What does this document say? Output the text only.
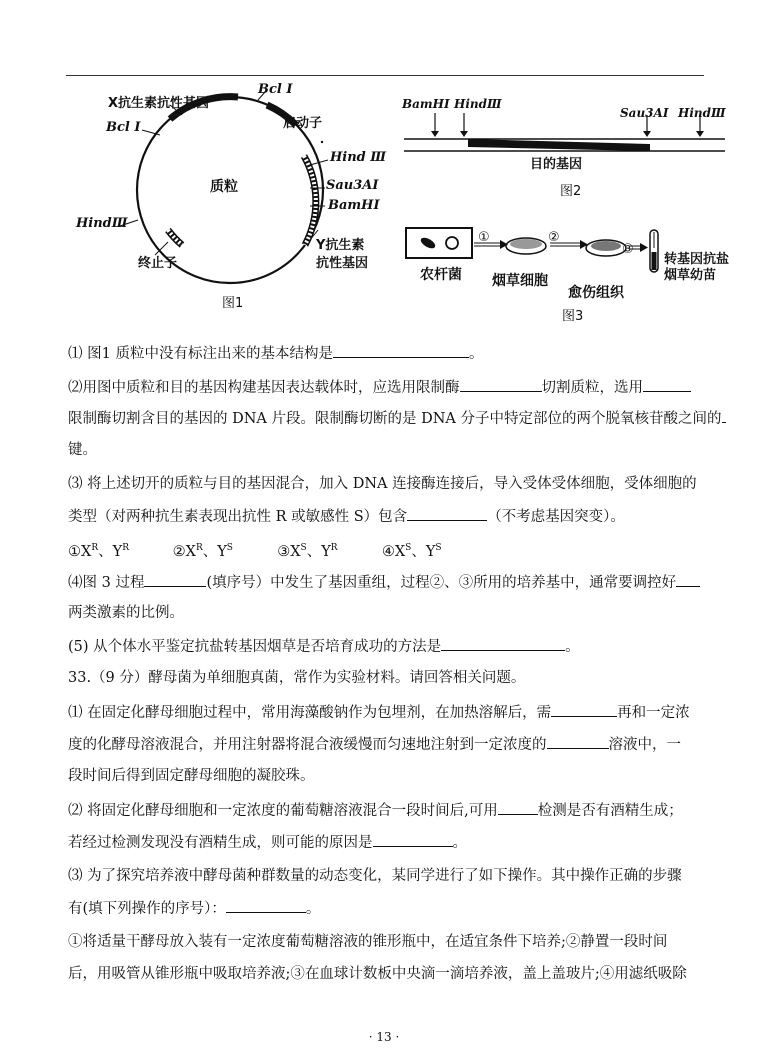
X抗生素抗性基因
Bcl Ⅰ
启动子
Bcl Ⅰ
Hind Ⅲ
质粒	Sau3AⅠ
BamHⅠ
HindⅢ
Y抗生素
抗性基因
终止子
图1
BamHⅠ HindⅢ
Sau3AⅠ HindⅢ
目的基因
图2
①	②
③
转基因抗盐
烟草幼苗
农杆菌 烟草细胞
愈伤组织
图3
⑴ 图1 质粒中没有标注出来的基本结构是	。
⑵用图中质粒和目的基因构建基因表达载体时，应选用限制酶	切割质粒，选用
限制酶切割含目的基因的 DNA 片段。限制酶切断的是 DNA 分子中特定部位的两个脱氧核苷酸之间的
键。
⑶ 将上述切开的质粒与目的基因混合，加入 DNA 连接酶连接后，导入受体受体细胞，受体细胞的
类型（对两种抗生素表现出抗性 R 或敏感性 S）包含	（不考虑基因突变）。
$①X^R$、$Y^R$	$②X^R$、$Y^S$	$③X^S$、$Y^R$	$④X^S$、$Y^S$
⑷图 3 过程	(填序号）中发生了基因重组，过程②、③所用的培养基中，通常要调控好
两类激素的比例。
(5) 从个体水平鉴定抗盐转基因烟草是否培育成功的方法是	。
33.（9 分）酵母菌为单细胞真菌，常作为实验材料。请回答相关问题。
⑴ 在固定化酵母细胞过程中，常用海藻酸钠作为包埋剂，在加热溶解后，需	再和一定浓
度的化酵母溶液混合，并用注射器将混合液缓慢而匀速地注射到一定浓度的	溶液中，一
段时间后得到固定酵母细胞的凝胶珠。
⑵ 将固定化酵母细胞和一定浓度的葡萄糖溶液混合一段时间后,可用	检测是否有酒精生成；
若经过检测发现没有酒精生成，则可能的原因是	。
⑶ 为了探究培养液中酵母菌种群数量的动态变化，某同学进行了如下操作。其中操作正确的步骤
有(填下列操作的序号）：	。
①将适量干酵母放入装有一定浓度葡萄糖溶液的锥形瓶中，在适宜条件下培养;②静置一段时间
后，用吸管从锥形瓶中吸取培养液;③在血球计数板中央滴一滴培养液，盖上盖玻片;④用滤纸吸除
· 13 ·
